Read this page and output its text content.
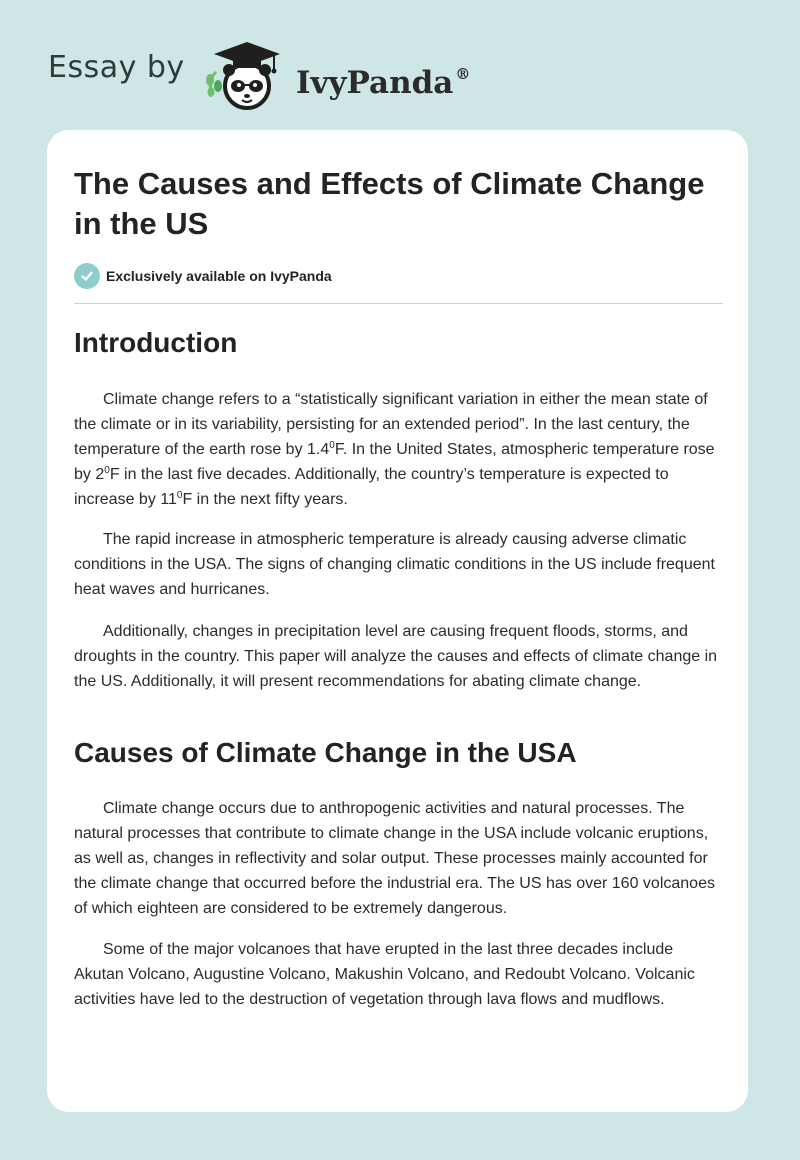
Essay by	IvyPanda ®
The Causes and Effects of Climate Change in the US
Exclusively available on IvyPanda
Introduction

Climate change refers to a “statistically significant variation in either the mean state of the climate or in its variability, persisting for an extended period”. In the last century, the temperature of the earth rose by $1.4^0F$. In the United States, atmospheric temperature rose by $2^0F$ in the last five decades. Additionally, the country’s temperature is expected to increase by $11^0F$ in the next fifty years.

The rapid increase in atmospheric temperature is already causing adverse climatic conditions in the USA. The signs of changing climatic conditions in the US include frequent heat waves and hurricanes.

Additionally, changes in precipitation level are causing frequent floods, storms, and droughts in the country. This paper will analyze the causes and effects of climate change in the US. Additionally, it will present recommendations for abating climate change.

Causes of Climate Change in the USA

Climate change occurs due to anthropogenic activities and natural processes. The natural processes that contribute to climate change in the USA include volcanic eruptions, as well as, changes in reflectivity and solar output. These processes mainly accounted for the climate change that occurred before the industrial era. The US has over 160 volcanoes of which eighteen are considered to be extremely dangerous.

Some of the major volcanoes that have erupted in the last three decades include Akutan Volcano, Augustine Volcano, Makushin Volcano, and Redoubt Volcano. Volcanic activities have led to the destruction of vegetation through lava flows and mudflows.
